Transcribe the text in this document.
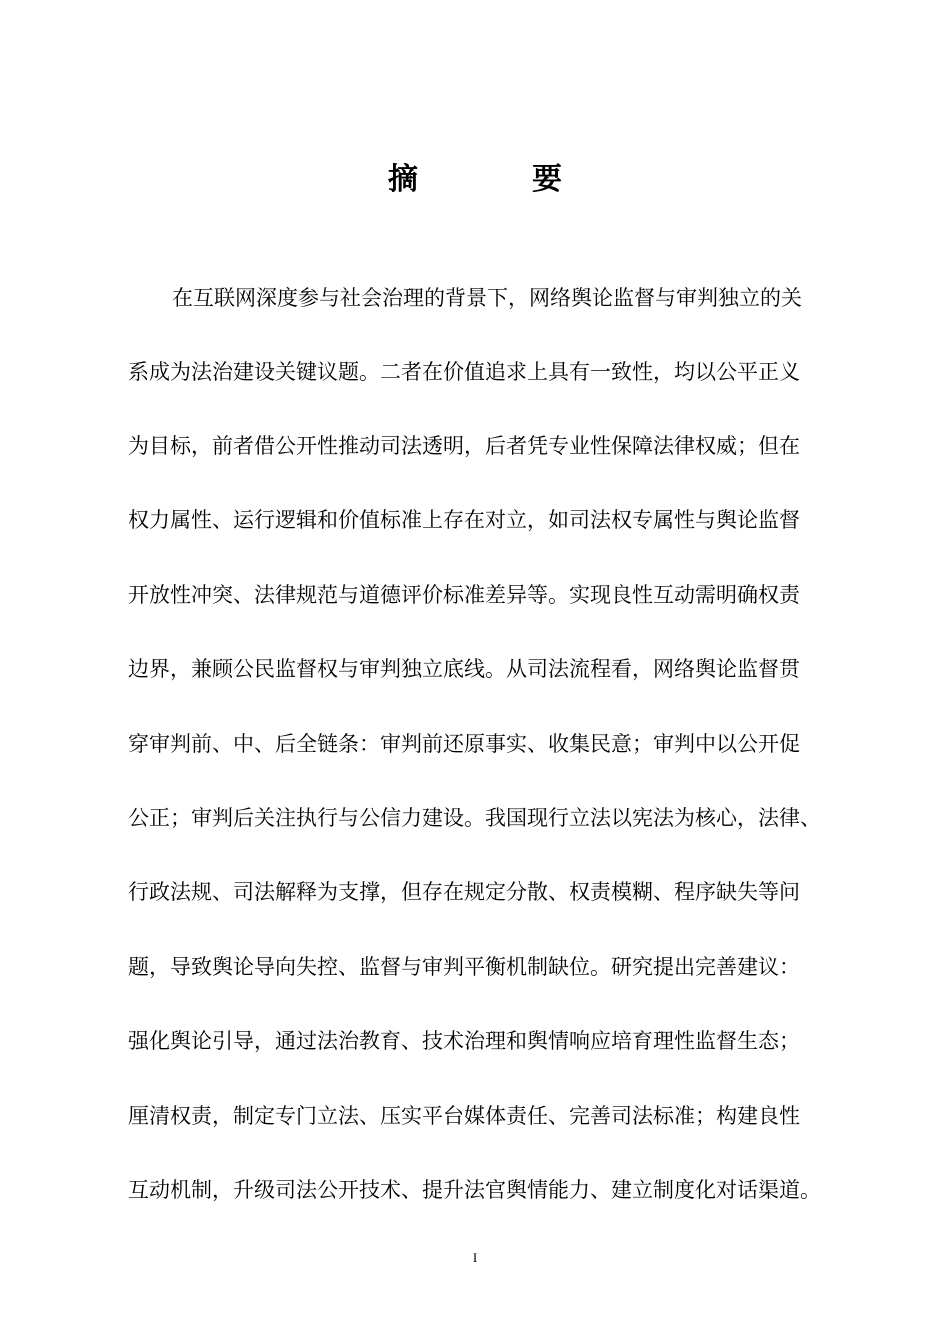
摘　要
在互联网深度参与社会治理的背景下，网络舆论监督与审判独立的关
系成为法治建设关键议题。二者在价值追求上具有一致性，均以公平正义
为目标，前者借公开性推动司法透明，后者凭专业性保障法律权威；但在
权力属性、运行逻辑和价值标准上存在对立，如司法权专属性与舆论监督
开放性冲突、法律规范与道德评价标准差异等。实现良性互动需明确权责
边界，兼顾公民监督权与审判独立底线。从司法流程看，网络舆论监督贯
穿审判前、中、后全链条：审判前还原事实、收集民意；审判中以公开促
公正；审判后关注执行与公信力建设。我国现行立法以宪法为核心，法律、
行政法规、司法解释为支撑，但存在规定分散、权责模糊、程序缺失等问
题，导致舆论导向失控、监督与审判平衡机制缺位。研究提出完善建议：
强化舆论引导，通过法治教育、技术治理和舆情响应培育理性监督生态；
厘清权责，制定专门立法、压实平台媒体责任、完善司法标准；构建良性
互动机制，升级司法公开技术、提升法官舆情能力、建立制度化对话渠道。
I
